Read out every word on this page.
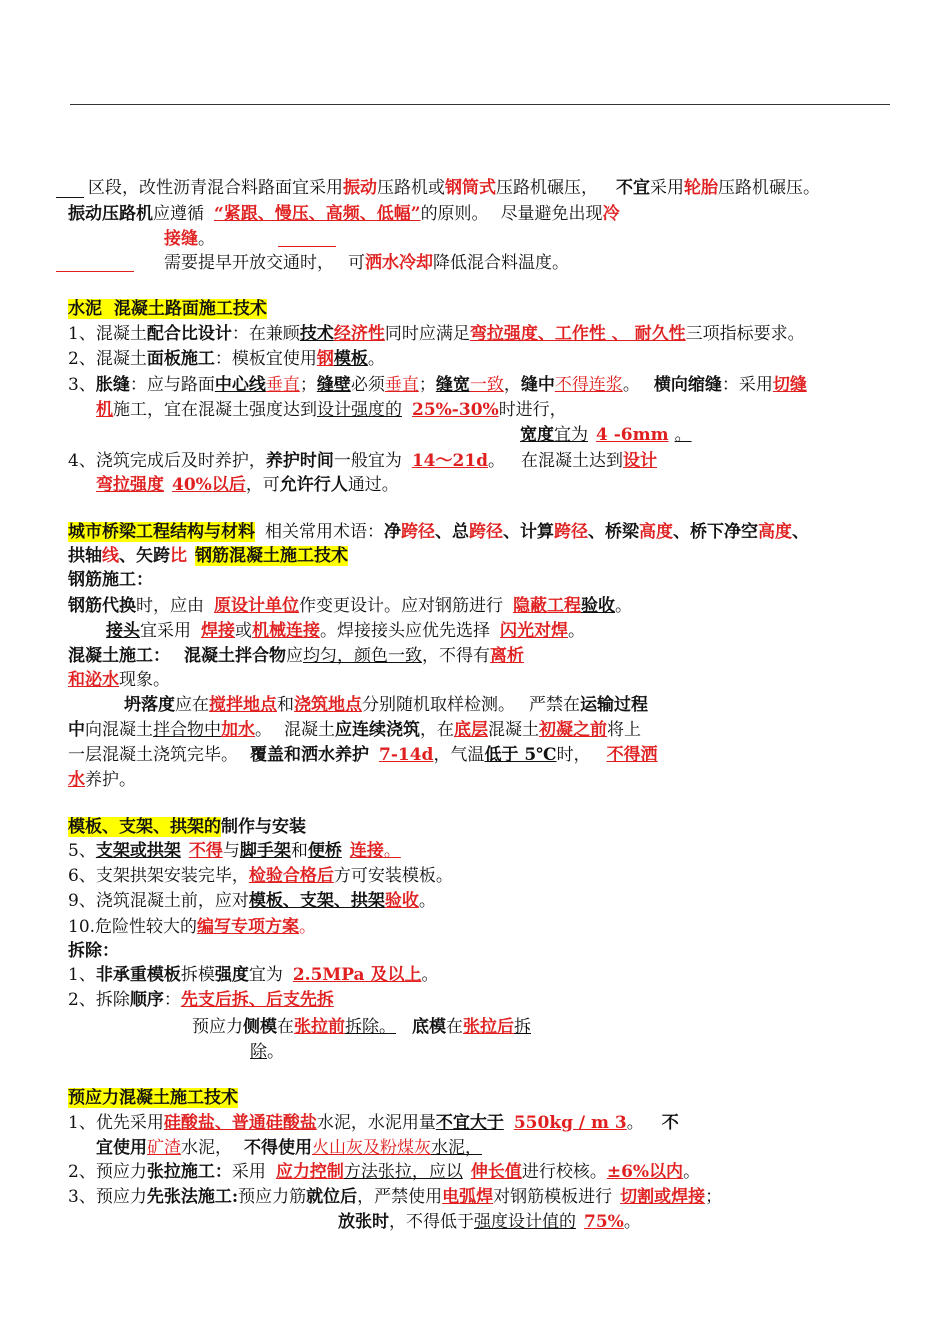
区段，改性沥青混合料路面宜采用振动压路机或钢筒式压路机碾压， 不宜采用轮胎压路机碾压。
振动压路机应遵循 “紧跟、慢压、高频、低幅”的原则。 尽量避免出现冷
接缝。
需要提早开放交通时， 可洒水冷却降低混合料温度。
水泥  混凝土路面施工技术
1、混凝土配合比设计：在兼顾技术经济性同时应满足弯拉强度、工作性 、 耐久性三项指标要求。
2、混凝土面板施工：模板宜使用钢模板。
3、胀缝：应与路面中心线垂直；缝壁必须垂直；缝宽一致，缝中不得连浆。 横向缩缝：采用切缝
机施工，宜在混凝土强度达到设计强度的 25%-30%时进行，
宽度宜为 4 -6mm 。
4、浇筑完成后及时养护，养护时间一般宜为 14～21d。 在混凝土达到设计
弯拉强度 40%以后，可允许行人通过。
城市桥梁工程结构与材料 相关常用术语：净跨径、总跨径、计算跨径、桥梁高度、桥下净空高度、
拱轴线、矢跨比 钢筋混凝土施工技术
钢筋施工：
钢筋代换时，应由 原设计单位作变更设计。应对钢筋进行 隐蔽工程验收。
接头宜采用 焊接或机械连接。焊接接头应优先选择 闪光对焊。
混凝土施工： 混凝土拌合物应均匀，颜色一致，不得有离析
和泌水现象。
坍落度应在搅拌地点和浇筑地点分别随机取样检测。 严禁在运输过程
中向混凝土拌合物中加水。 混凝土应连续浇筑，在底层混凝土初凝之前将上
一层混凝土浇筑完毕。 覆盖和洒水养护 7-14d，气温低于 5℃时， 不得洒
水养护。
模板、支架、拱架的制作与安装
5、支架或拱架 不得与脚手架和便桥 连接。
6、支架拱架安装完毕，检验合格后方可安装模板。
9、浇筑混凝土前，应对模板、支架、拱架验收。
10.危险性较大的编写专项方案。
拆除：
1、非承重模板拆模强度宜为 2.5MPa 及以上。
2、拆除顺序：先支后拆、后支先拆
预应力侧模在张拉前拆除。 底模在张拉后拆
除。
预应力混凝土施工技术
1、优先采用硅酸盐、普通硅酸盐水泥，水泥用量不宜大于 550kg / m 3。 不
宜使用矿渣水泥， 不得使用火山灰及粉煤灰水泥，
2、预应力张拉施工：采用 应力控制方法张拉，应以 伸长值进行校核。±6%以内。
3、预应力先张法施工:预应力筋就位后，严禁使用电弧焊对钢筋模板进行 切割或焊接；
放张时，不得低于强度设计值的 75%。
